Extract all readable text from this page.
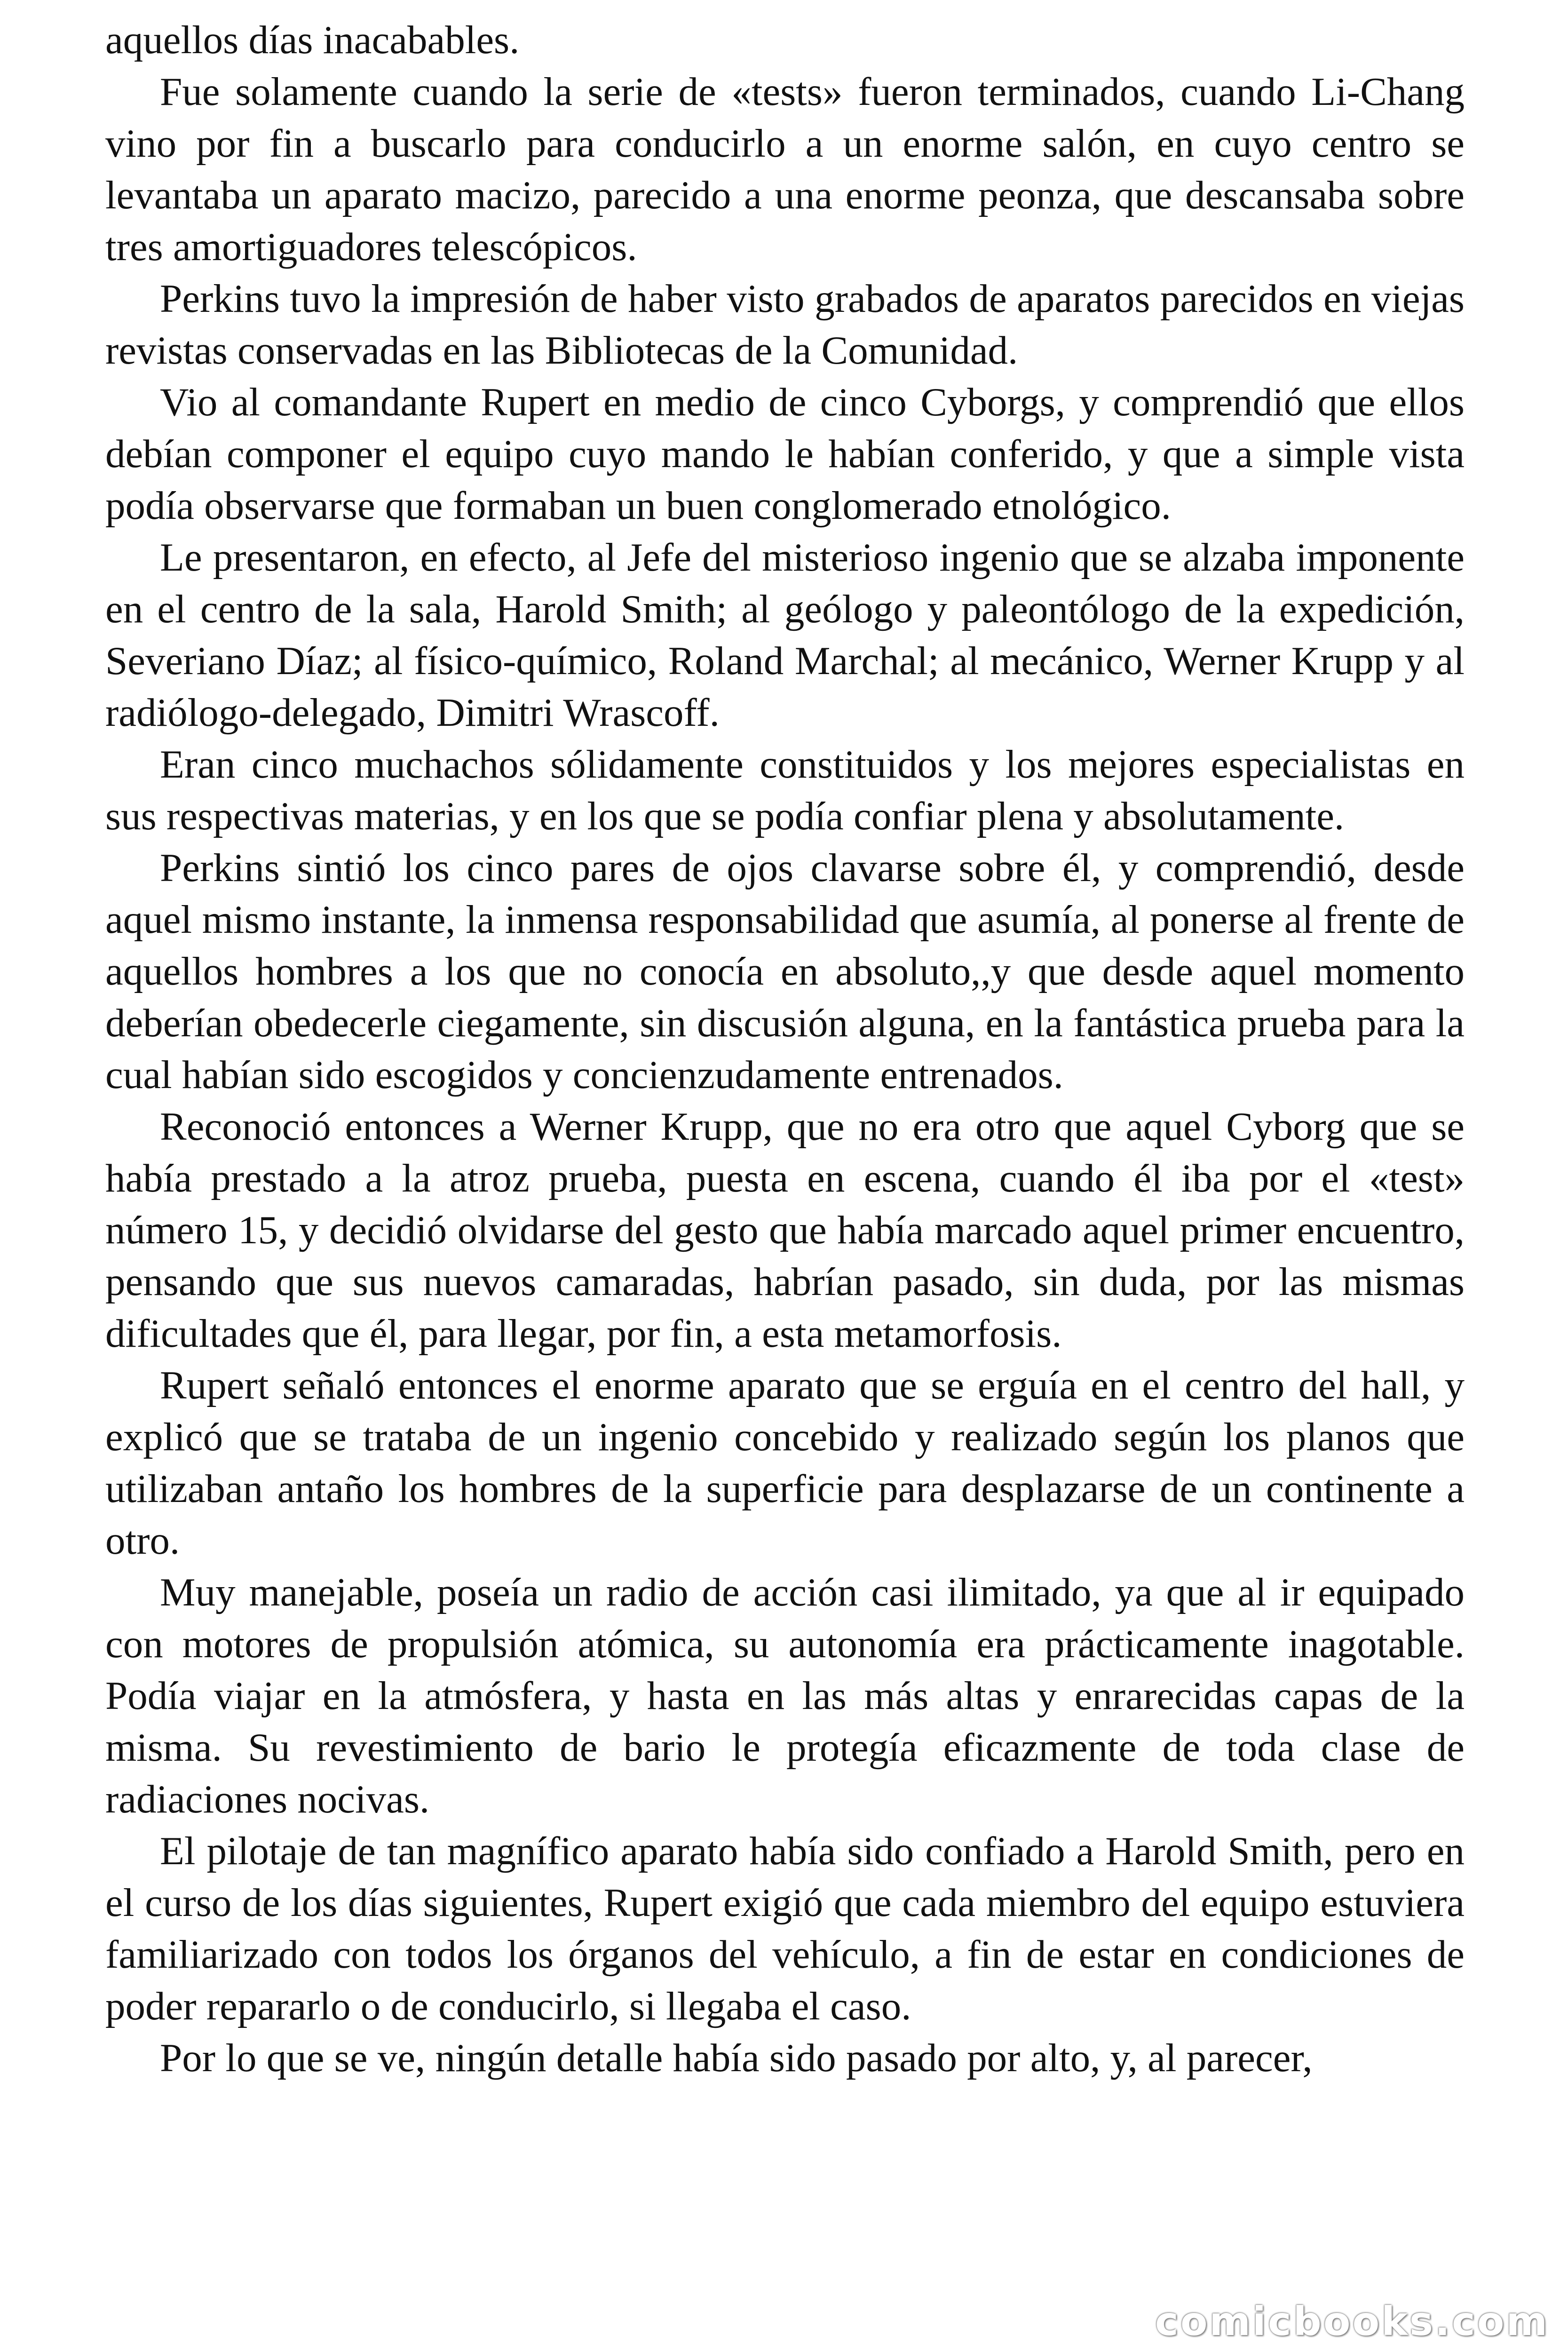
aquellos días inacabables.

Fue solamente cuando la serie de «tests» fueron terminados, cuando Li-Chang vino por fin a buscarlo para conducirlo a un enorme salón, en cuyo centro se levantaba un aparato macizo, parecido a una enorme peonza, que descansaba sobre tres amortiguadores telescópicos.

Perkins tuvo la impresión de haber visto grabados de aparatos parecidos en viejas revistas conservadas en las Bibliotecas de la Comunidad.

Vio al comandante Rupert en medio de cinco Cyborgs, y comprendió que ellos debían componer el equipo cuyo mando le habían conferido, y que a simple vista podía observarse que formaban un buen conglomerado etnológico.

Le presentaron, en efecto, al Jefe del misterioso ingenio que se alzaba imponente en el centro de la sala, Harold Smith; al geólogo y paleontólogo de la expedición, Severiano Díaz; al físico-químico, Roland Marchal; al mecánico, Werner Krupp y al radiólogo-delegado, Dimitri Wrascoff.

Eran cinco muchachos sólidamente constituidos y los mejores especialistas en sus respectivas materias, y en los que se podía confiar plena y absolutamente.

Perkins sintió los cinco pares de ojos clavarse sobre él, y comprendió, desde aquel mismo instante, la inmensa responsabilidad que asumía, al ponerse al frente de aquellos hombres a los que no conocía en absoluto,,y que desde aquel momento deberían obedecerle ciegamente, sin discusión alguna, en la fantástica prueba para la cual habían sido escogidos y concienzudamente entrenados.

Reconoció entonces a Werner Krupp, que no era otro que aquel Cyborg que se había prestado a la atroz prueba, puesta en escena, cuando él iba por el «test» número 15, y decidió olvidarse del gesto que había marcado aquel primer encuentro, pensando que sus nuevos camaradas, habrían pasado, sin duda, por las mismas dificultades que él, para llegar, por fin, a esta metamorfosis.

Rupert señaló entonces el enorme aparato que se erguía en el centro del hall, y explicó que se trataba de un ingenio concebido y realizado según los planos que utilizaban antaño los hombres de la superficie para desplazarse de un continente a otro.

Muy manejable, poseía un radio de acción casi ilimitado, ya que al ir equipado con motores de propulsión atómica, su autonomía era prácticamente inagotable. Podía viajar en la atmósfera, y hasta en las más altas y enrarecidas capas de la misma. Su revestimiento de bario le protegía eficazmente de toda clase de radiaciones nocivas.

El pilotaje de tan magnífico aparato había sido confiado a Harold Smith, pero en el curso de los días siguientes, Rupert exigió que cada miembro del equipo estuviera familiarizado con todos los órganos del vehículo, a fin de estar en condiciones de poder repararlo o de conducirlo, si llegaba el caso.

Por lo que se ve, ningún detalle había sido pasado por alto, y, al parecer,

comicbooks.com
